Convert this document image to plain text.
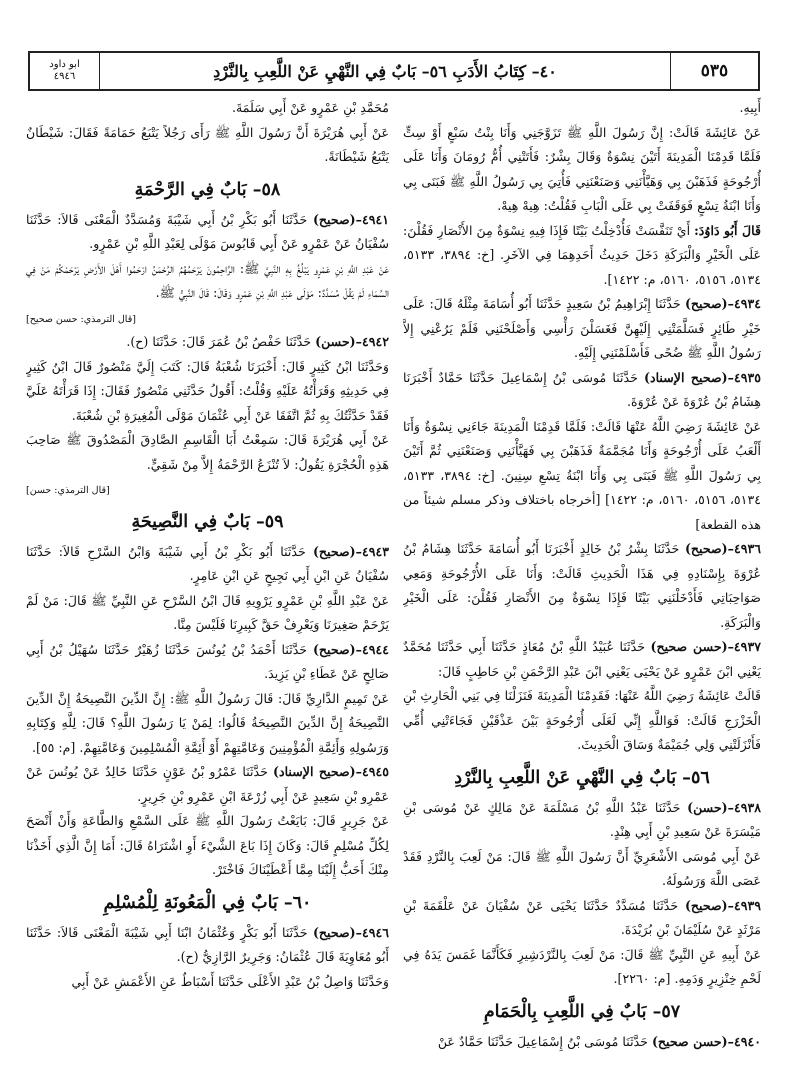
٥٣٥
٤٠– كِتَابُ الأَدَبِ ٥٦– بَابٌ فِي النَّهْيِ عَنْ اللَّعِبِ بِالنَّرْدِ
ابو داود
٤٩٤٦

أَبِيهِ.

عَنْ عَائِشَةَ قَالَتْ: إِنَّ رَسُولَ اللَّهِ ﷺ تَزَوَّجَنِي وَأَنَا بِنْتُ سَبْعٍ أَوْ سِتٍّ فَلَمَّا قَدِمْنَا الْمَدِينَةَ أَتَيْنَ نِسْوَةٌ وَقَالَ بِشْرٌ: فَأَتَتْنِي أُمُّ رُومَانَ وَأَنَا عَلَى أُرْجُوحَةٍ فَذَهَبْنَ بِي وَهَيَّأْنَنِي وَصَنَعْنَنِي فَأُتِيَ بِي رَسُولُ اللَّهِ ﷺ فَبَنَى بِي وَأَنَا ابْنَةُ تِسْعٍ فَوَقَفَتْ بِي عَلَى الْبَابِ فَقُلْتُ: هِيهْ هِيهْ.

قَالَ أَبُو دَاوُدَ: أَيْ تَنَفَّسَتْ فَأُدْخِلْتُ بَيْتًا فَإِذَا فِيهِ نِسْوَةٌ مِنَ الأَنْصَارِ فَقُلْنَ: عَلَى الْخَيْرِ وَالْبَرَكَةِ دَخَلَ حَدِيثُ أَحَدِهِمَا فِي الآخَرِ. [خ: ٣٨٩٤، ٥١٣٣، ٥١٣٤، ٥١٥٦، ٥١٦٠، م: ١٤٢٢].

٤٩٣٤–(صحيح) حَدَّثَنَا إِبْرَاهِيمُ بْنُ سَعِيدٍ حَدَّثَنَا أَبُو أُسَامَةَ مِثْلَهُ قَالَ: عَلَى خَيْرِ طَائِرٍ فَسَلَّمَتْنِي إِلَيْهِنَّ فَغَسَلْنَ رَأْسِي وَأَصْلَحْنَنِي فَلَمْ يَرُعْنِي إِلاَّ رَسُولُ اللَّهِ ﷺ ضُحًى فَأَسْلَمْنَنِي إِلَيْهِ.

٤٩٣٥–(صحيح الإسناد) حَدَّثَنَا مُوسَى بْنُ إِسْمَاعِيلَ حَدَّثَنَا حَمَّادٌ أَخْبَرَنَا هِشَامُ بْنُ عُرْوَةَ عَنْ عُرْوَةَ.

عَنْ عَائِشَةَ رَضِيَ اللَّهُ عَنْهَا قَالَتْ: فَلَمَّا قَدِمْنَا الْمَدِينَةَ جَاءَنِي نِسْوَةٌ وَأَنَا أَلْعَبُ عَلَى أُرْجُوحَةٍ وَأَنَا مُجَمَّمَةٌ فَذَهَبْنَ بِي فَهَيَّأْنَنِي وَصَنَعْنَنِي ثُمَّ أَتَيْنَ بِي رَسُولَ اللَّهِ ﷺ فَبَنَى بِي وَأَنَا ابْنَةُ تِسْعِ سِنِينَ. [خ: ٣٨٩٤، ٥١٣٣، ٥١٣٤، ٥١٥٦، ٥١٦٠، م: ١٤٢٢] [أخرجاه باختلاف وذكر مسلم شيئاً من هذه القطعة]

٤٩٣٦–(صحيح) حَدَّثَنَا بِشْرُ بْنُ خَالِدٍ أَخْبَرَنَا أَبُو أُسَامَةَ حَدَّثَنَا هِشَامُ بْنُ عُرْوَةَ بِإِسْنَادِهِ فِي هَذَا الْحَدِيثِ قَالَتْ: وَأَنَا عَلَى الأُرْجُوحَةِ وَمَعِي صَوَاحِبَاتِي فَأَدْخَلْنَنِي بَيْتًا فَإِذَا نِسْوَةٌ مِنَ الأَنْصَارِ فَقُلْنَ: عَلَى الْخَيْرِ وَالْبَرَكَةِ.

٤٩٣٧–(حسن صحيح) حَدَّثَنَا عُبَيْدُ اللَّهِ بْنُ مُعَاذٍ حَدَّثَنَا أَبِي حَدَّثَنَا مُحَمَّدٌ يَعْنِي ابْنَ عَمْرٍو عَنْ يَحْيَى يَعْنِي ابْنَ عَبْدِ الرَّحْمَنِ بْنِ حَاطِبٍ قَالَ:

قَالَتْ عَائِشَةُ رَضِيَ اللَّهُ عَنْهَا: فَقَدِمْنَا الْمَدِينَةَ فَنَزَلْنَا فِي بَنِي الْحَارِثِ بْنِ الْخَزْرَجِ قَالَتْ: فَوَاللَّهِ إِنِّي لَعَلَى أُرْجُوحَةٍ بَيْنَ عَذْقَيْنِ فَجَاءَتْنِي أُمِّي فَأَنْزَلَتْنِي وَلِي جُمَيْمَةٌ وَسَاقَ الْحَدِيثَ.

٥٦– بَابٌ فِي النَّهْيِ عَنْ اللَّعِبِ بِالنَّرْدِ

٤٩٣٨–(حسن) حَدَّثَنَا عَبْدُ اللَّهِ بْنُ مَسْلَمَةَ عَنْ مَالِكٍ عَنْ مُوسَى بْنِ مَيْسَرَةَ عَنْ سَعِيدِ بْنِ أَبِي هِنْدٍ.

عَنْ أَبِي مُوسَى الأَشْعَرِيِّ أَنَّ رَسُولَ اللَّهِ ﷺ قَالَ: مَنْ لَعِبَ بِالنَّرْدِ فَقَدْ عَصَى اللَّهَ وَرَسُولَهُ.

٤٩٣٩–(صحيح) حَدَّثَنَا مُسَدَّدٌ حَدَّثَنَا يَحْيَى عَنْ سُفْيَانَ عَنْ عَلْقَمَةَ بْنِ مَرْثَدٍ عَنْ سُلَيْمَانَ بْنِ بُرَيْدَةَ.

عَنْ أَبِيهِ عَنِ النَّبِيِّ ﷺ قَالَ: مَنْ لَعِبَ بِالنَّرْدَشِيرِ فَكَأَنَّمَا غَمَسَ يَدَهُ فِي لَحْمِ خِنْزِيرٍ وَدَمِهِ. [م: ٢٢٦٠].

٥٧– بَابٌ فِي اللَّعِبِ بِالْحَمَامِ

٤٩٤٠–(حسن صحيح) حَدَّثَنَا مُوسَى بْنُ إِسْمَاعِيلَ حَدَّثَنَا حَمَّادٌ عَنْ

مُحَمَّدِ بْنِ عَمْرٍو عَنْ أَبِي سَلَمَةَ.

عَنْ أَبِي هُرَيْرَةَ أَنَّ رَسُولَ اللَّهِ ﷺ رَأَى رَجُلاً يَتْبَعُ حَمَامَةً فَقَالَ: شَيْطَانٌ يَتْبَعُ شَيْطَانَةً.

٥٨– بَابٌ فِي الرَّحْمَةِ

٤٩٤١–(صحيح) حَدَّثَنَا أَبُو بَكْرِ بْنُ أَبِي شَيْبَةَ وَمُسَدَّدٌ الْمَعْنَى قَالاَ: حَدَّثَنَا سُفْيَانُ عَنْ عَمْرٍو عَنْ أَبِي قَابُوسَ مَوْلَى لِعَبْدِ اللَّهِ بْنِ عَمْرٍو.

عَنْ عَبْدِ اللَّهِ بْنِ عَمْرٍو يَبْلُغُ بِهِ النَّبِيَّ ﷺ: الرَّاحِمُونَ يَرْحَمُهُمُ الرَّحْمَنُ ارْحَمُوا أَهْلَ الأَرْضِ يَرْحَمْكُمْ مَنْ فِي السَّمَاءِ لَمْ يَقُلْ مُسَدَّدٌ: مَوْلَى عَبْدِ اللَّهِ بْنِ عَمْرٍو وَقَالَ: قَالَ النَّبِيُّ ﷺ.

[قال الترمذي: حسن صحيح]

٤٩٤٢–(حسن) حَدَّثَنَا حَفْصُ بْنُ عُمَرَ قَالَ: حَدَّثَنَا (ح).

وَحَدَّثَنَا ابْنُ كَثِيرٍ قَالَ: أَخْبَرَنَا شُعْبَةُ قَالَ: كَتَبَ إِلَيَّ مَنْصُورٌ قَالَ ابْنُ كَثِيرٍ فِي حَدِيثِهِ وَقَرَأْتُهُ عَلَيْهِ وَقُلْتُ: أَقُولُ حَدَّثَنِي مَنْصُورٌ فَقَالَ: إِذَا قَرَأْتَهُ عَلَيَّ فَقَدْ حَدَّثْتُكَ بِهِ ثُمَّ اتَّفَقَا عَنْ أَبِي عُثْمَانَ مَوْلَى الْمُغِيرَةِ بْنِ شُعْبَةَ.

عَنْ أَبِي هُرَيْرَةَ قَالَ: سَمِعْتُ أَبَا الْقَاسِمِ الصَّادِقَ الْمَصْدُوقَ ﷺ صَاحِبَ هَذِهِ الْحُجْرَةِ يَقُولُ: لاَ تُنْزَعُ الرَّحْمَةُ إِلاَّ مِنْ شَقِيٍّ.

[قال الترمذي: حسن]
٥٩– بَابٌ فِي النَّصِيحَةِ

٤٩٤٣–(صحيح) حَدَّثَنَا أَبُو بَكْرِ بْنُ أَبِي شَيْبَةَ وَابْنُ السَّرْحِ قَالاَ: حَدَّثَنَا سُفْيَانُ عَنِ ابْنِ أَبِي نَجِيحٍ عَنِ ابْنِ عَامِرٍ.

عَنْ عَبْدِ اللَّهِ بْنِ عَمْرٍو يَرْوِيهِ قَالَ ابْنُ السَّرْحِ عَنِ النَّبِيِّ ﷺ قَالَ: مَنْ لَمْ يَرْحَمْ صَغِيرَنَا وَيَعْرِفْ حَقَّ كَبِيرِنَا فَلَيْسَ مِنَّا.

٤٩٤٤–(صحيح) حَدَّثَنَا أَحْمَدُ بْنُ يُونُسَ حَدَّثَنَا زُهَيْرٌ حَدَّثَنَا سُهَيْلُ بْنُ أَبِي صَالِحٍ عَنْ عَطَاءِ بْنِ يَزِيدَ.

عَنْ تَمِيمٍ الدَّارِيِّ قَالَ: قَالَ رَسُولُ اللَّهِ ﷺ: إِنَّ الدِّينَ النَّصِيحَةُ إِنَّ الدِّينَ النَّصِيحَةُ إِنَّ الدِّينَ النَّصِيحَةُ قَالُوا: لِمَنْ يَا رَسُولَ اللَّهِ؟ قَالَ: لِلَّهِ وَكِتَابِهِ وَرَسُولِهِ وَأَئِمَّةِ الْمُؤْمِنِينَ وَعَامَّتِهِمْ أَوْ أَئِمَّةِ الْمُسْلِمِينَ وَعَامَّتِهِمْ. [م: ٥٥].

٤٩٤٥–(صحيح الإسناد) حَدَّثَنَا عَمْرُو بْنُ عَوْنٍ حَدَّثَنَا خَالِدٌ عَنْ يُونُسَ عَنْ عَمْرِو بْنِ سَعِيدٍ عَنْ أَبِي زُرْعَةَ ابْنِ عَمْرِو بْنِ جَرِيرٍ.

عَنْ جَرِيرٍ قَالَ: بَايَعْتُ رَسُولَ اللَّهِ ﷺ عَلَى السَّمْعِ وَالطَّاعَةِ وَأَنْ أَنْصَحَ لِكُلِّ مُسْلِمٍ قَالَ: وَكَانَ إِذَا بَاعَ الشَّيْءَ أَوِ اشْتَرَاهُ قَالَ: أَمَا إِنَّ الَّذِي أَخَذْنَا مِنْكَ أَحَبُّ إِلَيْنَا مِمَّا أَعْطَيْنَاكَ فَاخْتَرْ.

٦٠– بَابٌ فِي الْمَعُونَةِ لِلْمُسْلِمِ

٤٩٤٦–(صحيح) حَدَّثَنَا أَبُو بَكْرٍ وَعُثْمَانُ ابْنَا أَبِي شَيْبَةَ الْمَعْنَى قَالاَ: حَدَّثَنَا أَبُو مُعَاوِيَةَ قَالَ عُثْمَانُ: وَجَرِيرٌ الرَّازِيُّ (ح).

وَحَدَّثَنَا وَاصِلُ بْنُ عَبْدِ الأَعْلَى حَدَّثَنَا أَسْبَاطٌ عَنِ الأَعْمَشِ عَنْ أَبِي
